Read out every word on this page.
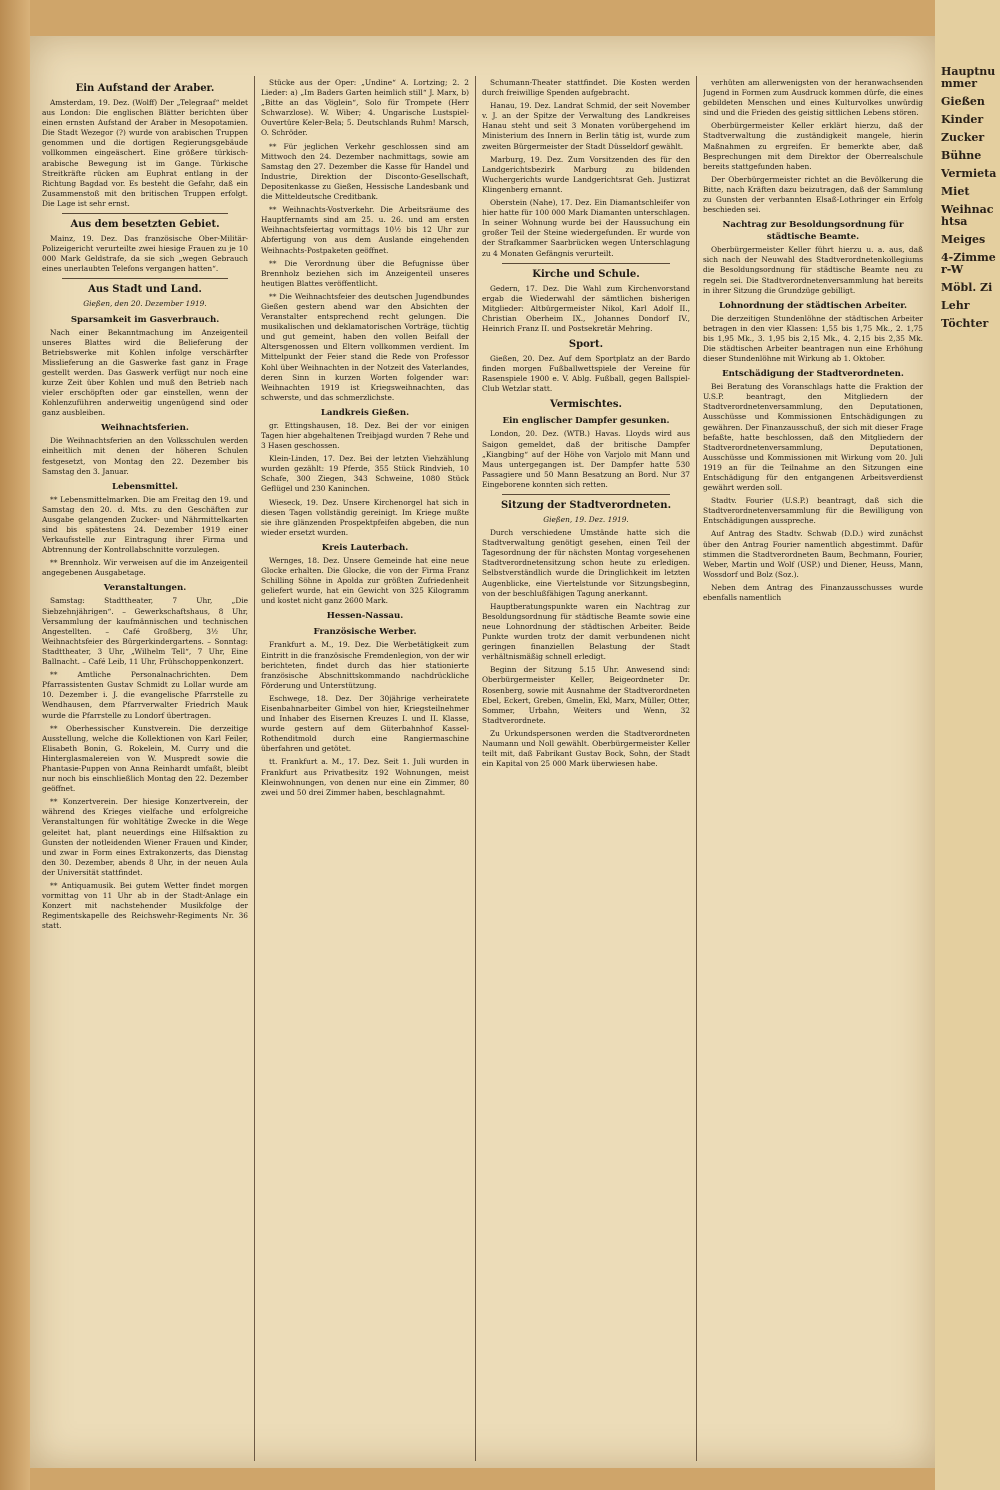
Hauptnummer
Gießen
Kinder
Zucker
Bühne
Vermieta
Miet
Weihnachtsa
Meiges
4-Zimmer-W
Möbl. Zi
Lehr
Töchter
Ein Aufstand der Araber.

Amsterdam, 19. Dez. (Wolff) Der „Telegraaf“ meldet aus London: Die englischen Blätter berichten über einen ernsten Aufstand der Araber in Mesopotamien. Die Stadt Wezegor (?) wurde von arabischen Truppen genommen und die dortigen Regierungsgebäude vollkommen eingeäschert. Eine größere türkisch-arabische Bewegung ist im Gange. Türkische Streitkräfte rücken am Euphrat entlang in der Richtung Bagdad vor. Es besteht die Gefahr, daß ein Zusammenstoß mit den britischen Truppen erfolgt. Die Lage ist sehr ernst.

Aus dem besetzten Gebiet.

Mainz, 19. Dez. Das französische Ober-Militär-Polizeigericht verurteilte zwei hiesige Frauen zu je 10 000 Mark Geldstrafe, da sie sich „wegen Gebrauch eines unerlaubten Telefons vergangen hatten“.

Aus Stadt und Land.
Gießen, den 20. Dezember 1919.
Sparsamkeit im Gasverbrauch.

Nach einer Bekanntmachung im Anzeigenteil unseres Blattes wird die Belieferung der Betriebswerke mit Kohlen infolge verschärfter Misslieferung an die Gaswerke fast ganz in Frage gestellt werden. Das Gaswerk verfügt nur noch eine kurze Zeit über Kohlen und muß den Betrieb nach vieler erschöpften oder gar einstellen, wenn der Kohlenzuführen anderweitig ungenügend sind oder ganz ausbleiben.

Weihnachtsferien.

Die Weihnachtsferien an den Volksschulen werden einheitlich mit denen der höheren Schulen festgesetzt, von Montag den 22. Dezember bis Samstag den 3. Januar.

Lebensmittel.

** Lebensmittelmarken. Die am Freitag den 19. und Samstag den 20. d. Mts. zu den Geschäften zur Ausgabe gelangenden Zucker- und Nährmittelkarten sind bis spätestens 24. Dezember 1919 einer Verkaufsstelle zur Eintragung ihrer Firma und Abtrennung der Kontrollabschnitte vorzulegen.

** Brennholz. Wir verweisen auf die im Anzeigenteil angegebenen Ausgabetage.

Veranstaltungen.

Samstag: Stadttheater, 7 Uhr, „Die Siebzehnjährigen“. – Gewerkschaftshaus, 8 Uhr, Versammlung der kaufmännischen und technischen Angestellten. – Café Großberg, 3½ Uhr, Weihnachtsfeier des Bürgerkindergartens. – Sonntag: Stadttheater, 3 Uhr, „Wilhelm Tell“, 7 Uhr, Eine Ballnacht. – Café Leib, 11 Uhr, Frühschoppenkonzert.

** Amtliche Personalnachrichten. Dem Pfarrassistenten Gustav Schmidt zu Lollar wurde am 10. Dezember i. J. die evangelische Pfarrstelle zu Wendhausen, dem Pfarrverwalter Friedrich Mauk wurde die Pfarrstelle zu Londorf übertragen.

** Oberhessischer Kunstverein. Die derzeitige Ausstellung, welche die Kollektionen von Karl Feiler, Elisabeth Bonin, G. Rokelein, M. Curry und die Hinterglasmalereien von W. Muspredt sowie die Phantasie-Puppen von Anna Reinhardt umfaßt, bleibt nur noch bis einschließlich Montag den 22. Dezember geöffnet.

** Konzertverein. Der hiesige Konzertverein, der während des Krieges vielfache und erfolgreiche Veranstaltungen für wohltätige Zwecke in die Wege geleitet hat, plant neuerdings eine Hilfsaktion zu Gunsten der notleidenden Wiener Frauen und Kinder, und zwar in Form eines Extrakonzerts, das Dienstag den 30. Dezember, abends 8 Uhr, in der neuen Aula der Universität stattfindet.

** Antiquamusik. Bei gutem Wetter findet morgen vormittag von 11 Uhr ab in der Stadt-Anlage ein Konzert mit nachstehender Musikfolge der Regimentskapelle des Reichswehr-Regiments Nr. 36 statt.

Stücke aus der Oper: „Undine“ A. Lortzing; 2. 2 Lieder: a) „Im Baders Garten heimlich still“ J. Marx, b) „Bitte an das Vöglein“, Solo für Trompete (Herr Schwarzlose). W. Wiber; 4. Ungarische Lustspiel-Ouvertüre Keler-Bela; 5. Deutschlands Ruhm! Marsch, O. Schröder.

** Für jeglichen Verkehr geschlossen sind am Mittwoch den 24. Dezember nachmittags, sowie am Samstag den 27. Dezember die Kasse für Handel und Industrie, Direktion der Disconto-Gesellschaft, Depositenkasse zu Gießen, Hessische Landesbank und die Mitteldeutsche Creditbank.

** Weihnachts-Vostverkehr. Die Arbeitsräume des Hauptfernamts sind am 25. u. 26. und am ersten Weihnachtsfeiertag vormittags 10½ bis 12 Uhr zur Abfertigung von aus dem Auslande eingehenden Weihnachts-Postpaketen geöffnet.

** Die Verordnung über die Befugnisse über Brennholz beziehen sich im Anzeigenteil unseres heutigen Blattes veröffentlicht.

** Die Weihnachtsfeier des deutschen Jugendbundes Gießen gestern abend war den Absichten der Veranstalter entsprechend recht gelungen. Die musikalischen und deklamatorischen Vorträge, tüchtig und gut gemeint, haben den vollen Beifall der Altersgenossen und Eltern vollkommen verdient. Im Mittelpunkt der Feier stand die Rede von Professor Kohl über Weihnachten in der Notzeit des Vaterlandes, deren Sinn in kurzen Worten folgender war: Weihnachten 1919 ist Kriegsweihnachten, das schwerste, und das schmerzlichste.

Landkreis Gießen.

gr. Ettingshausen, 18. Dez. Bei der vor einigen Tagen hier abgehaltenen Treibjagd wurden 7 Rehe und 3 Hasen geschossen.

Klein-Linden, 17. Dez. Bei der letzten Viehzählung wurden gezählt: 19 Pferde, 355 Stück Rindvieh, 10 Schafe, 300 Ziegen, 343 Schweine, 1080 Stück Geflügel und 230 Kaninchen.

Wieseck, 19. Dez. Unsere Kirchenorgel hat sich in diesen Tagen vollständig gereinigt. Im Kriege mußte sie ihre glänzenden Prospektpfeifen abgeben, die nun wieder ersetzt wurden.

Kreis Lauterbach.

Wernges, 18. Dez. Unsere Gemeinde hat eine neue Glocke erhalten. Die Glocke, die von der Firma Franz Schilling Söhne in Apolda zur größten Zufriedenheit geliefert wurde, hat ein Gewicht von 325 Kilogramm und kostet nicht ganz 2600 Mark.

Hessen-Nassau.
Französische Werber.

Frankfurt a. M., 19. Dez. Die Werbetätigkeit zum Eintritt in die französische Fremdenlegion, von der wir berichteten, findet durch das hier stationierte französische Abschnittskommando nachdrückliche Förderung und Unterstützung.

Eschwege, 18. Dez. Der 30jährige verheiratete Eisenbahnarbeiter Gimbel von hier, Kriegsteilnehmer und Inhaber des Eisernen Kreuzes I. und II. Klasse, wurde gestern auf dem Güterbahnhof Kassel-Rothenditmold durch eine Rangiermaschine überfahren und getötet.

tt. Frankfurt a. M., 17. Dez. Seit 1. Juli wurden in Frankfurt aus Privatbesitz 192 Wohnungen, meist Kleinwohnungen, von denen nur eine ein Zimmer, 80 zwei und 50 drei Zimmer haben, beschlagnahmt.

Schumann-Theater stattfindet. Die Kosten werden durch freiwillige Spenden aufgebracht.

Hanau, 19. Dez. Landrat Schmid, der seit November v. J. an der Spitze der Verwaltung des Landkreises Hanau steht und seit 3 Monaten vorübergehend im Ministerium des Innern in Berlin tätig ist, wurde zum zweiten Bürgermeister der Stadt Düsseldorf gewählt.

Marburg, 19. Dez. Zum Vorsitzenden des für den Landgerichtsbezirk Marburg zu bildenden Wuchergerichts wurde Landgerichtsrat Geh. Justizrat Klingenberg ernannt.

Oberstein (Nahe), 17. Dez. Ein Diamantschleifer von hier hatte für 100 000 Mark Diamanten unterschlagen. In seiner Wohnung wurde bei der Haussuchung ein großer Teil der Steine wiedergefunden. Er wurde von der Strafkammer Saarbrücken wegen Unterschlagung zu 4 Monaten Gefängnis verurteilt.

Kirche und Schule.

Gedern, 17. Dez. Die Wahl zum Kirchenvorstand ergab die Wiederwahl der sämtlichen bisherigen Mitglieder: Altbürgermeister Nikol, Karl Adolf II., Christian Oberheim IX., Johannes Dondorf IV., Heinrich Franz II. und Postsekretär Mehring.

Sport.

Gießen, 20. Dez. Auf dem Sportplatz an der Bardo finden morgen Fußballwettspiele der Vereine für Rasenspiele 1900 e. V. Ablg. Fußball, gegen Ballspiel-Club Wetzlar statt.

Vermischtes.
Ein englischer Dampfer gesunken.

London, 20. Dez. (WTB.) Havas. Lloyds wird aus Saigon gemeldet, daß der britische Dampfer „Kiangbing“ auf der Höhe von Varjolo mit Mann und Maus untergegangen ist. Der Dampfer hatte 530 Passagiere und 50 Mann Besatzung an Bord. Nur 37 Eingeborene konnten sich retten.

Sitzung der Stadtverordneten.
Gießen, 19. Dez. 1919.

Durch verschiedene Umstände hatte sich die Stadtverwaltung genötigt gesehen, einen Teil der Tagesordnung der für nächsten Montag vorgesehenen Stadtverordnetensitzung schon heute zu erledigen. Selbstverständlich wurde die Dringlichkeit im letzten Augenblicke, eine Viertelstunde vor Sitzungsbeginn, von der beschlußfähigen Tagung anerkannt.

Hauptberatungspunkte waren ein Nachtrag zur Besoldungsordnung für städtische Beamte sowie eine neue Lohnordnung der städtischen Arbeiter. Beide Punkte wurden trotz der damit verbundenen nicht geringen finanziellen Belastung der Stadt verhältnismäßig schnell erledigt.

Beginn der Sitzung 5.15 Uhr. Anwesend sind: Oberbürgermeister Keller, Beigeordneter Dr. Rosenberg, sowie mit Ausnahme der Stadtverordneten Ebel, Eckert, Greben, Gmelin, Ekl, Marx, Müller, Otter, Sommer, Urbahn, Weiters und Wenn, 32 Stadtverordnete.

Zu Urkundspersonen werden die Stadtverordneten Naumann und Noll gewählt. Oberbürgermeister Keller teilt mit, daß Fabrikant Gustav Bock, Sohn, der Stadt ein Kapital von 25 000 Mark überwiesen habe.

verhüten am allerwenigsten von der heranwachsenden Jugend in Formen zum Ausdruck kommen dürfe, die eines gebildeten Menschen und eines Kulturvolkes unwürdig sind und die Frieden des geistig sittlichen Lebens stören.

Oberbürgermeister Keller erklärt hierzu, daß der Stadtverwaltung die zuständigkeit mangele, hierin Maßnahmen zu ergreifen. Er bemerkte aber, daß Besprechungen mit dem Direktor der Oberrealschule bereits stattgefunden haben.

Der Oberbürgermeister richtet an die Bevölkerung die Bitte, nach Kräften dazu beizutragen, daß der Sammlung zu Gunsten der verbannten Elsaß-Lothringer ein Erfolg beschieden sei.

Nachtrag zur Besoldungsordnung für städtische Beamte.

Oberbürgermeister Keller führt hierzu u. a. aus, daß sich nach der Neuwahl des Stadtverordnetenkollegiums die Besoldungsordnung für städtische Beamte neu zu regeln sei. Die Stadtverordnetenversammlung hat bereits in ihrer Sitzung die Grundzüge gebilligt.

Lohnordnung der städtischen Arbeiter.

Die derzeitigen Stundenlöhne der städtischen Arbeiter betragen in den vier Klassen: 1,55 bis 1,75 Mk., 2. 1,75 bis 1,95 Mk., 3. 1,95 bis 2,15 Mk., 4. 2,15 bis 2,35 Mk. Die städtischen Arbeiter beantragen nun eine Erhöhung dieser Stundenlöhne mit Wirkung ab 1. Oktober.

Entschädigung der Stadtverordneten.

Bei Beratung des Voranschlags hatte die Fraktion der U.S.P. beantragt, den Mitgliedern der Stadtverordnetenversammlung, den Deputationen, Ausschüsse und Kommissionen Entschädigungen zu gewähren. Der Finanzausschuß, der sich mit dieser Frage befaßte, hatte beschlossen, daß den Mitgliedern der Stadtverordnetenversammlung, Deputationen, Ausschüsse und Kommissionen mit Wirkung vom 20. Juli 1919 an für die Teilnahme an den Sitzungen eine Entschädigung für den entgangenen Arbeitsverdienst gewährt werden soll.

Stadtv. Fourier (U.S.P.) beantragt, daß sich die Stadtverordnetenversammlung für die Bewilligung von Entschädigungen ausspreche.

Auf Antrag des Stadtv. Schwab (D.D.) wird zunächst über den Antrag Fourier namentlich abgestimmt. Dafür stimmen die Stadtverordneten Baum, Bechmann, Fourier, Weber, Martin und Wolf (USP.) und Diener, Heuss, Mann, Wossdorf und Bolz (Soz.).

Neben dem Antrag des Finanzausschusses wurde ebenfalls namentlich
